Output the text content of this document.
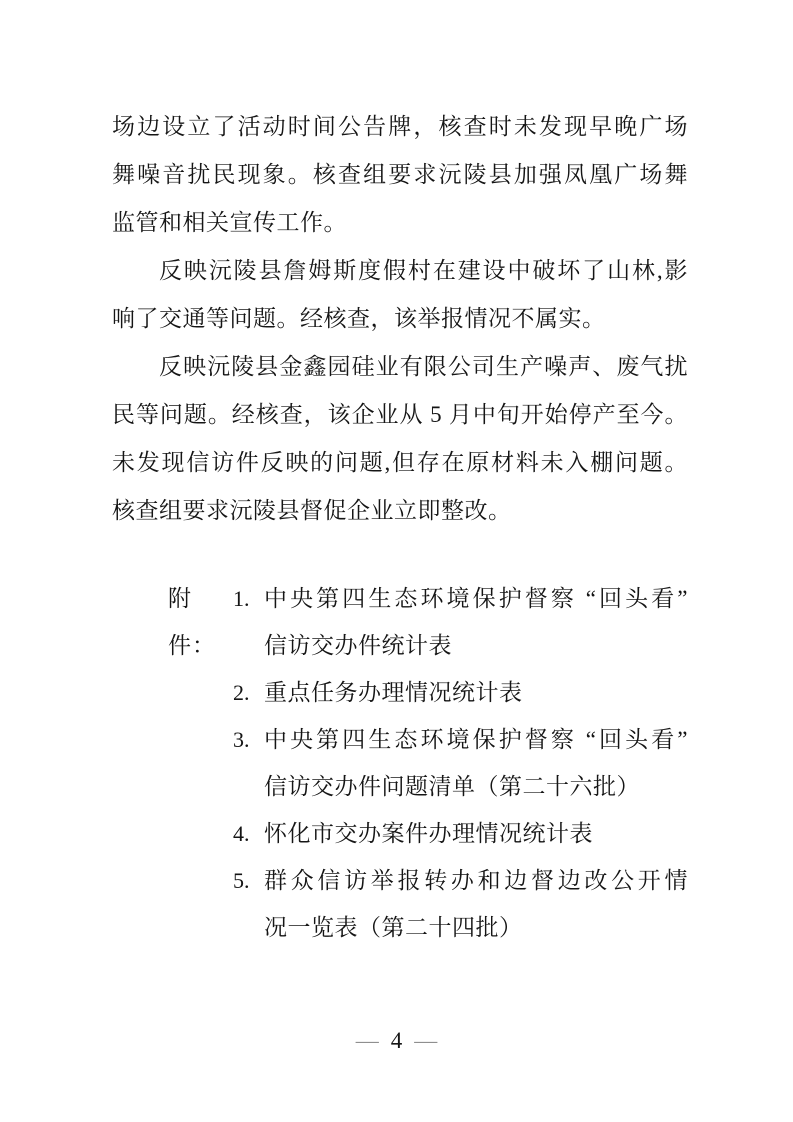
场边设立了活动时间公告牌，核查时未发现早晚广场
舞噪音扰民现象。核查组要求沅陵县加强凤凰广场舞
监管和相关宣传工作。
反映沅陵县詹姆斯度假村在建设中破坏了山林,影
响了交通等问题。经核查，该举报情况不属实。
反映沅陵县金鑫园硅业有限公司生产噪声、废气扰
民等问题。经核查，该企业从 5 月中旬开始停产至今。
未发现信访件反映的问题,但存在原材料未入棚问题。
核查组要求沅陵县督促企业立即整改。
附件：
1. 中央第四生态环境保护督察 “回头看”
信访交办件统计表
2. 重点任务办理情况统计表
3. 中央第四生态环境保护督察 “回头看”
信访交办件问题清单（第二十六批）
4. 怀化市交办案件办理情况统计表
5. 群众信访举报转办和边督边改公开情
况一览表（第二十四批）
— 4 —
